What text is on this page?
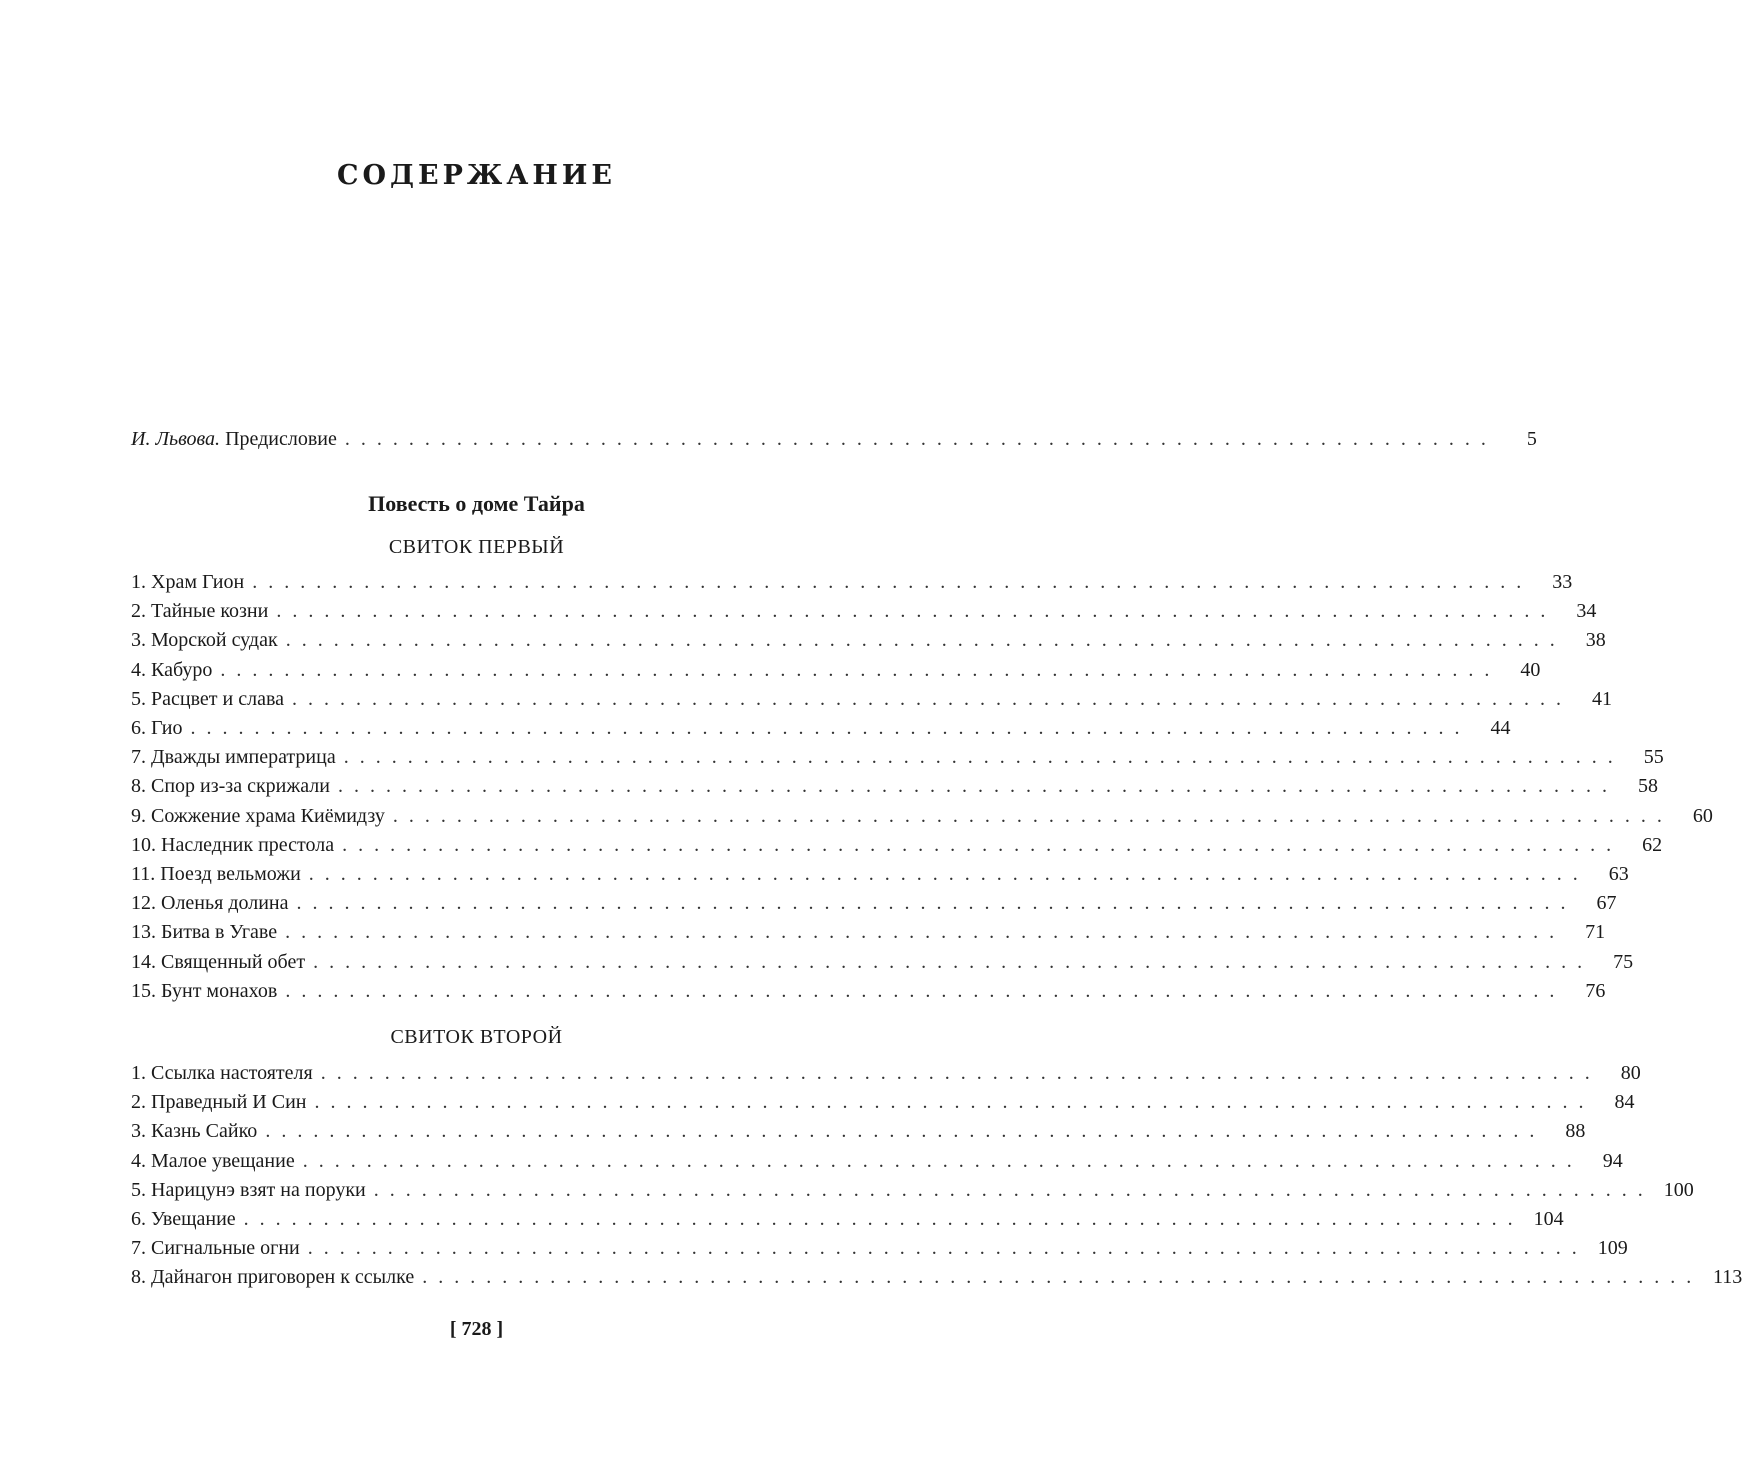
СОДЕРЖАНИЕ
И. Львова. Предисловие . . . . . . . . . . . . . . . . . . . . . . . . . . . . . . . . . . . . . . . . . . . . . . . . . . . . . . . . . . . . . . . . . . . . . . . .	5
Повесть о доме Тайра
СВИТОК ПЕРВЫЙ
1. Храм Гион . . . . . . . . . . . . . . . . . . . . . . . . . . . . . . . . . . . . . . . . . . . . . . . . . . . . . . . . . . . . . . . . . . . . . . . . . . . . . . . .	33
2. Тайные козни . . . . . . . . . . . . . . . . . . . . . . . . . . . . . . . . . . . . . . . . . . . . . . . . . . . . . . . . . . . . . . . . . . . . . . . . . . . . . . . .	34
3. Морской судак . . . . . . . . . . . . . . . . . . . . . . . . . . . . . . . . . . . . . . . . . . . . . . . . . . . . . . . . . . . . . . . . . . . . . . . . . . . . . . . .	38
4. Кабуро . . . . . . . . . . . . . . . . . . . . . . . . . . . . . . . . . . . . . . . . . . . . . . . . . . . . . . . . . . . . . . . . . . . . . . . . . . . . . . . .	40
5. Расцвет и слава . . . . . . . . . . . . . . . . . . . . . . . . . . . . . . . . . . . . . . . . . . . . . . . . . . . . . . . . . . . . . . . . . . . . . . . . . . . . . . . .	41
6. Гио . . . . . . . . . . . . . . . . . . . . . . . . . . . . . . . . . . . . . . . . . . . . . . . . . . . . . . . . . . . . . . . . . . . . . . . . . . . . . . . .	44
7. Дважды императрица . . . . . . . . . . . . . . . . . . . . . . . . . . . . . . . . . . . . . . . . . . . . . . . . . . . . . . . . . . . . . . . . . . . . . . . . . . . . . . . .	55
8. Спор из-за скрижали . . . . . . . . . . . . . . . . . . . . . . . . . . . . . . . . . . . . . . . . . . . . . . . . . . . . . . . . . . . . . . . . . . . . . . . . . . . . . . . .	58
9. Сожжение храма Киёмидзу . . . . . . . . . . . . . . . . . . . . . . . . . . . . . . . . . . . . . . . . . . . . . . . . . . . . . . . . . . . . . . . . . . . . . . . . . . . . . . . .	60
10. Наследник престола . . . . . . . . . . . . . . . . . . . . . . . . . . . . . . . . . . . . . . . . . . . . . . . . . . . . . . . . . . . . . . . . . . . . . . . . . . . . . . . .	62
11. Поезд вельможи . . . . . . . . . . . . . . . . . . . . . . . . . . . . . . . . . . . . . . . . . . . . . . . . . . . . . . . . . . . . . . . . . . . . . . . . . . . . . . . .	63
12. Оленья долина . . . . . . . . . . . . . . . . . . . . . . . . . . . . . . . . . . . . . . . . . . . . . . . . . . . . . . . . . . . . . . . . . . . . . . . . . . . . . . . .	67
13. Битва в Угаве . . . . . . . . . . . . . . . . . . . . . . . . . . . . . . . . . . . . . . . . . . . . . . . . . . . . . . . . . . . . . . . . . . . . . . . . . . . . . . . .	71
14. Священный обет . . . . . . . . . . . . . . . . . . . . . . . . . . . . . . . . . . . . . . . . . . . . . . . . . . . . . . . . . . . . . . . . . . . . . . . . . . . . . . . .	75
15. Бунт монахов . . . . . . . . . . . . . . . . . . . . . . . . . . . . . . . . . . . . . . . . . . . . . . . . . . . . . . . . . . . . . . . . . . . . . . . . . . . . . . . .	76
СВИТОК ВТОРОЙ
1. Ссылка настоятеля . . . . . . . . . . . . . . . . . . . . . . . . . . . . . . . . . . . . . . . . . . . . . . . . . . . . . . . . . . . . . . . . . . . . . . . . . . . . . . . .	80
2. Праведный И Син . . . . . . . . . . . . . . . . . . . . . . . . . . . . . . . . . . . . . . . . . . . . . . . . . . . . . . . . . . . . . . . . . . . . . . . . . . . . . . . .	84
3. Казнь Сайко . . . . . . . . . . . . . . . . . . . . . . . . . . . . . . . . . . . . . . . . . . . . . . . . . . . . . . . . . . . . . . . . . . . . . . . . . . . . . . . .	88
4. Малое увещание . . . . . . . . . . . . . . . . . . . . . . . . . . . . . . . . . . . . . . . . . . . . . . . . . . . . . . . . . . . . . . . . . . . . . . . . . . . . . . . .	94
5. Нарицунэ взят на поруки . . . . . . . . . . . . . . . . . . . . . . . . . . . . . . . . . . . . . . . . . . . . . . . . . . . . . . . . . . . . . . . . . . . . . . . . . . . . . . . . 100
6. Увещание . . . . . . . . . . . . . . . . . . . . . . . . . . . . . . . . . . . . . . . . . . . . . . . . . . . . . . . . . . . . . . . . . . . . . . . . . . . . . . . . 104
7. Сигнальные огни . . . . . . . . . . . . . . . . . . . . . . . . . . . . . . . . . . . . . . . . . . . . . . . . . . . . . . . . . . . . . . . . . . . . . . . . . . . . . . . . 109
8. Дайнагон приговорен к ссылке . . . . . . . . . . . . . . . . . . . . . . . . . . . . . . . . . . . . . . . . . . . . . . . . . . . . . . . . . . . . . . . . . . . . . . . . . . . . . . . . 113
[ 728 ]
